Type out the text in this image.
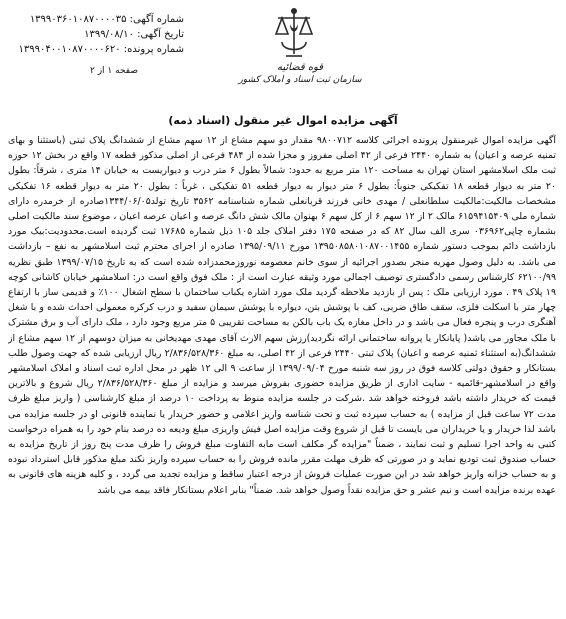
شماره آگهی: ۱۳۹۹۰۳۶۰۱۰۸۷۰۰۰۰۳۵
تاریخ آگهی: ۱۳۹۹/۰۸/۱۰
شماره پرونده: ۱۳۹۹۰۴۰۰۱۰۸۷۰۰۰۰۶۲۰
قوه قضائیه
سازمان ثبت اسناد و املاک کشور
صفحه ۱ از ۲
آگهی مزایده اموال غیر منقول (اسناد ذمه)
آگهی مزایده اموال غیرمنقول پرونده اجرائی کلاسه ۹۸۰۰۷۱۲ مقدار دو سهم مشاع از ۱۲ سهم مشاع از ششدانگ پلاک ثبتی (باستثنا و بهای تمنیه عرصه و اعیان) به شماره ۲۴۴۰ فرعی از ۴۲ اصلی مفروز و مجزا شده از ۴۸۴ فرعی از اصلی مذکور قطعه ۱۷ واقع در بخش ۱۲ حوزه ثبت ملک اسلامشهر استان تهران به مساحت ۱۲۰ متر مربع به حدود: شمالاً بطول ۶ متر درب و دیواریست به خیابان ۱۴ متری ، شرقاً: بطول ۲۰ متر به دیوار قطعه ۱۸ تفکیکی جنوباً: بطول ۶ متر دیوار به دیوار قطعه ۵۱ تفکیکی ، غرباً : بطول ۲۰ متر به دیوار قطعه ۱۶ تفکیکی مشخصات مالکیت:مالکیت سلطانعلی / مهدی خانی فرزند قربانعلی شماره شناسنامه ۳۵۶۲ تاریخ تولد۱۳۴۴/۰۶/۰۵صادره از خرمدره دارای شماره ملی ۶۱۵۹۴۱۵۴۰۹ مالک ۲ از ۱۲ سهم ۶ از کل سهم ۶ بهنوان مالک شش دانگ عرصه و اعیان عرصه اعیان ، موضوع سند مالکیت اصلی بشماره چاپی۰۳۶۹۶۲ سری الف سال ۸۲ که در صفحه ۱۷۵ دفتر املاک جلد ۱۰۵ ذیل شماره ۱۷۶۸۵ ثبت گردیده است.محدودیت:بیک مورد بازداشت دائم بموجب دستور شماره ۱۳۹۵۰۸۵۸۰۱۰۸۷۰۰۱۴۵۵ مورخ ۱۳۹۵/۰۹/۱۱ صادره از اجرای محترم ثبت اسلامشهر به نفع – بازداشت می باشد. به دلیل وصول مهریه منجر بصدور اجرائیه از سوی خانم معصومه نوروزمحمدزاده شده است که به تاریخ ۱۳۹۹/۰۷/۱۵ طبق نظریه ۶۲۱۰۰/۹۹ کارشناس رسمی دادگستری توصیف اجمالی مورد وثیقه عبارت است از : ملک فوق واقع است در: اسلامشهر خیابان کاشانی کوچه ۱۹ پلاک ۴۹ . مورد ارزیابی ملک : پس از بازدید ملاحظه گردید ملک مورد اشاره یکباب ساختمان با سطح اشغال ۱۰۰٪ و قدیمی ساز با ارتفاع چهار متر با اسکلت فلزی، سقف طاق ضربی، کف با پوشش بتن، دیواره با پوشش سیمان سفید و درب کرکره معمولی احداث شده و با شغل آهنگری درب و پنجره فعال می باشد و در داخل مغازه یک باب بالکن به مساحت تقریبی ۵ متر مربع وجود دارد ، ملک دارای آب و برق مشترک با ملک مجاور می باشد( پایانکار یا پروانه ساختمانی ارائه نگردید)رزش سهم الارث آقای مهدی مهدیخانی به میزان دوسهم از ۱۲ سهم مشاع از ششدانگ(به استثناء ثمنیه عرصه و اعیان) پلاک ثبتی ۲۴۴۰ فرعی از ۴۲ اصلی، به مبلغ ۲/۸۳۶/۵۲۸/۳۶۰ ریال ارزیابی شده که جهت وصول طلب بستانکار و حقوق دولتی کلاسه فوق در روز سه شنبه مورخ ۱۳۹۹/۰۹/۰۴ از ساعت ۹ الی ۱۲ ظهر در محل اداره ثبت اسناد و املاک اسلامشهر واقع در اسلامشهر-قائمیه - سایت اداری از طریق مزایده حضوری بفروش میرسد و مزایده از مبلغ ۲/۸۳۶/۵۲۸/۳۶۰ ریال شروع و بالاترین قیمت که خریدار داشته باشد فروخته خواهد شد .شرکت در جلسه مزایده منوط به پرداخت ۱۰ درصد از مبلغ کارشناسی ( واریز مبلغ ظرف مدت ۷۲ ساعت قبل از مزایده ) به حساب سپرده ثبت و تحت شناسه واریز اعلامی و حضور خریدار یا نماینده قانونی او در جلسه مزایده می باشد لذا خریدار و یا خریداران می بایست تا قبل از شروع وقت مزایده اصل فیش واریزی مبلغ ودیعه ده درصد بنام خود را به همراه درخواست کتبی به واحد اجرا تسلیم و ثبت نمایند ، ضمناً "مزایده گر مکلف است مابه التفاوت مبلغ فروش را ظرف مدت پنج روز از تاریخ مزایده به حساب صندوق ثبت تودیع نماید و در صورتی که ظرف مهلت مقرر مانده فروش را به حساب سپرده واریز نکند مبلغ مذکور قابل استرداد نبوده و به حساب خزانه واریز خواهد شد در این صورت عملیات فروش از درجه اعتبار ساقط و مزایده تجدید می گردد ، و کلیه هزینه های قانونی به عهده برنده مزایده است و نیم عشر و حق مزایده نقداً وصول خواهد شد. ضمناً" بنابر اعلام بستانکار فاقد بیمه می باشد
